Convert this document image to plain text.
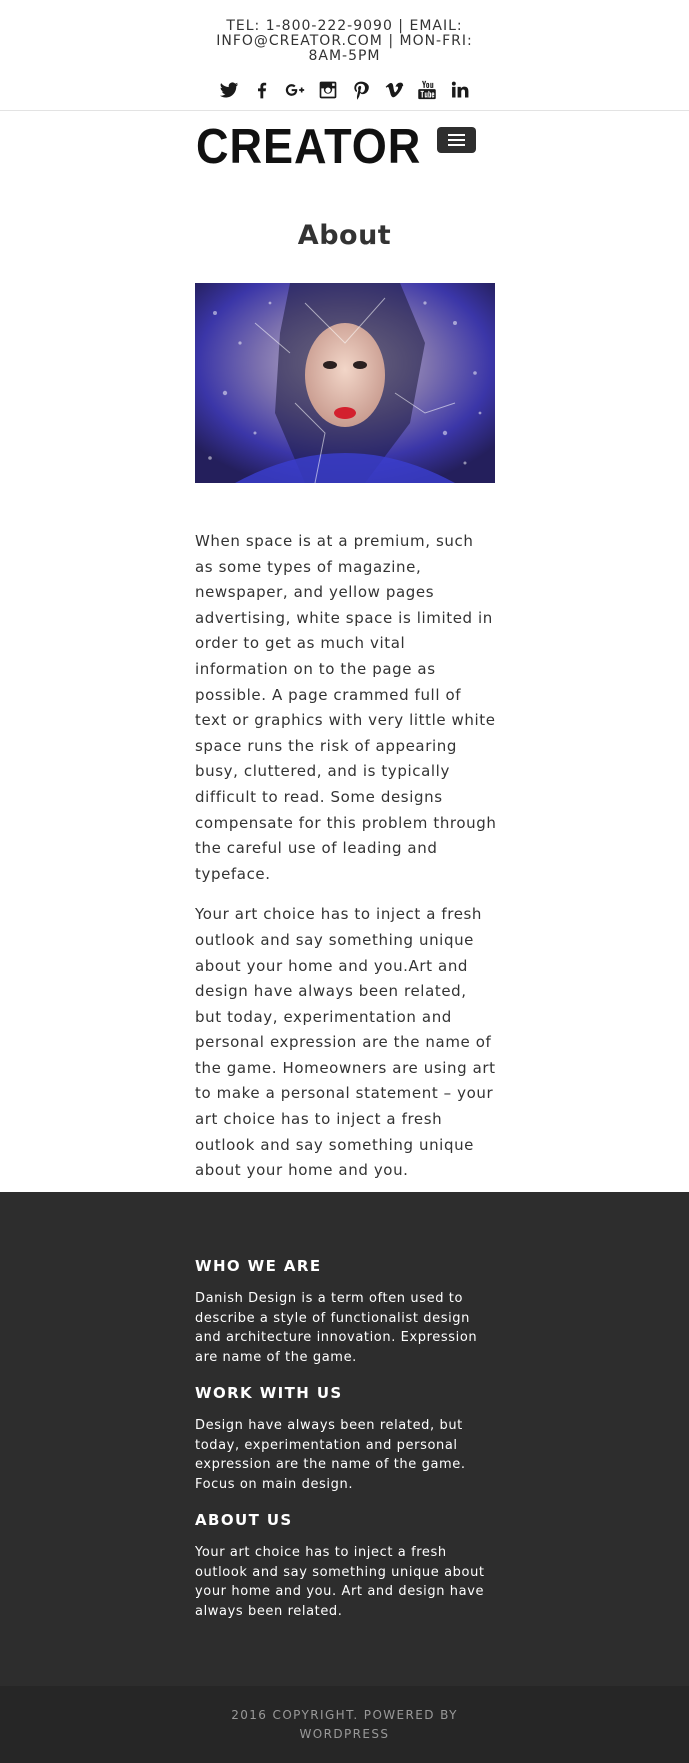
TEL: 1-800-222-9090 | EMAIL: INFO@CREATOR.COM | MON-FRI: 8AM-5PM
CREATOR
About

When space is at a premium, such as some types of magazine, newspaper, and yellow pages advertising, white space is limited in order to get as much vital information on to the page as possible. A page crammed full of text or graphics with very little white space runs the risk of appearing busy, cluttered, and is typically difficult to read. Some designs compensate for this problem through the careful use of leading and typeface.

Your art choice has to inject a fresh outlook and say something unique about your home and you.Art and design have always been related, but today, experimentation and personal expression are the name of the game. Homeowners are using art to make a personal statement – your art choice has to inject a fresh outlook and say something unique about your home and you.

WHO WE ARE

Danish Design is a term often used to describe a style of functionalist design and architecture innovation. Expression are name of the game.

WORK WITH US

Design have always been related, but today, experimentation and personal expression are the name of the game. Focus on main design.

ABOUT US

Your art choice has to inject a fresh outlook and say something unique about your home and you. Art and design have always been related.

2016 COPYRIGHT. POWERED BY WORDPRESS
